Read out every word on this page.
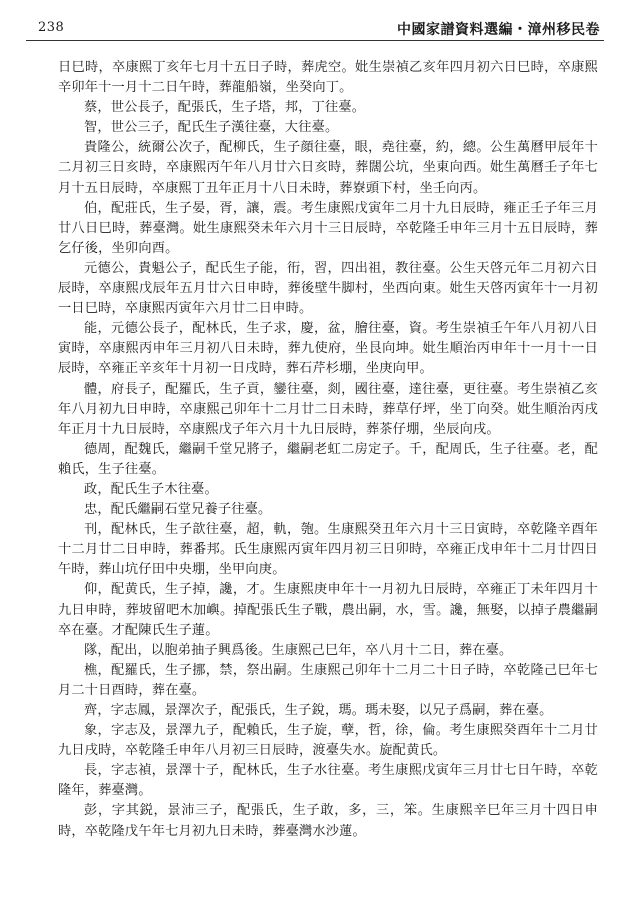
238	中國家譜資料選編・漳州移民卷

日巳時，卒康熙丁亥年七月十五日子時，葬虎空。妣生崇禎乙亥年四月初六日巳時，卒康熙辛卯年十一月十二日午時，葬龍船嶺，坐癸向丁。

蔡，世公長子，配張氏，生子塔，邦，丁往臺。

智，世公三子，配氏生子漢往臺，大往臺。

貴隆公，統爾公次子，配柳氏，生子顔往臺，眼，堯往臺，約，總。公生萬曆甲辰年十二月初三日亥時，卒康熙丙午年八月廿六日亥時，葬闊公坑，坐東向西。妣生萬曆壬子年七月十五日辰時，卒康熙丁丑年正月十八日未時，葬嶚頭下村，坐壬向丙。

伯，配莊氏，生子晏，胥，讓，震。考生康熙戊寅年二月十九日辰時，雍正壬子年三月廿八日巳時，葬臺灣。妣生康熙癸未年六月十三日辰時，卒乾隆壬申年三月十五日辰時，葬乞仔後，坐卯向酉。

元德公，貴魁公子，配氏生子能，衎，習，四出祖，教往臺。公生天啓元年二月初六日辰時，卒康熙戊辰年五月廿六日申時，葬後壁牛脚村，坐西向東。妣生天啓丙寅年十一月初一日巳時，卒康熙丙寅年六月廿二日申時。

能，元德公長子，配林氏，生子求，慶，盆，膾往臺，資。考生崇禎壬午年八月初八日寅時，卒康熙丙申年三月初八日未時，葬九使府，坐艮向坤。妣生順治丙申年十一月十一日辰時，卒雍正辛亥年十月初一日戌時，葬石芹杉堋，坐庚向甲。

體，府長子，配羅氏，生子貢，鑾往臺，剡，國往臺，達往臺，更往臺。考生崇禎乙亥年八月初九日申時，卒康熙己卯年十二月廿二日未時，葬草仔坪，坐丁向癸。妣生順治丙戌年正月十九日辰時，卒康熙戊子年六月十九日辰時，葬茶仔堋，坐辰向戌。

德周，配魏氏，繼嗣千堂兄將子，繼嗣老虹二房定子。千，配周氏，生子往臺。老，配賴氏，生子往臺。

政，配氏生子木往臺。

忠，配氏繼嗣石堂兄養子往臺。

刊，配林氏，生子歆往臺，超，軌，匏。生康熙癸丑年六月十三日寅時，卒乾隆辛酉年十二月廿二日申時，葬番邦。氏生康熙丙寅年四月初三日卯時，卒雍正戊申年十二月廿四日午時，葬山坑仔田中央堋，坐甲向庚。

仰，配黄氏，生子掉，讒，才。生康熙庚申年十一月初九日辰時，卒雍正丁未年四月十九日申時，葬坡留吧木加嶼。掉配張氏生子戰，農出嗣，水，雪。讒，無娶，以掉子農繼嗣卒在臺。才配陳氏生子蓮。

隊，配出，以胞弟抽子興爲後。生康熙己巳年，卒八月十二日，葬在臺。

樵，配羅氏，生子挪，禁，祭出嗣。生康熙己卯年十二月二十日子時，卒乾隆己巳年七月二十日酉時，葬在臺。

齊，字志鳳，景澤次子，配張氏，生子銳，瑪。瑪未娶，以兄子爲嗣，葬在臺。

象，字志及，景澤九子，配賴氏，生子旋，孽，哲，徐，倫。考生康熙癸酉年十二月廿九日戌時，卒乾隆壬申年八月初三日辰時，渡臺失水。旋配黄氏。

長，字志禎，景澤十子，配林氏，生子水往臺。考生康熙戊寅年三月廿七日午時，卒乾隆年，葬臺灣。

彭，字其鋭，景沛三子，配張氏，生子敢，多，三，笨。生康熙辛巳年三月十四日申時，卒乾隆戊午年七月初九日未時，葬臺灣水沙蓮。
